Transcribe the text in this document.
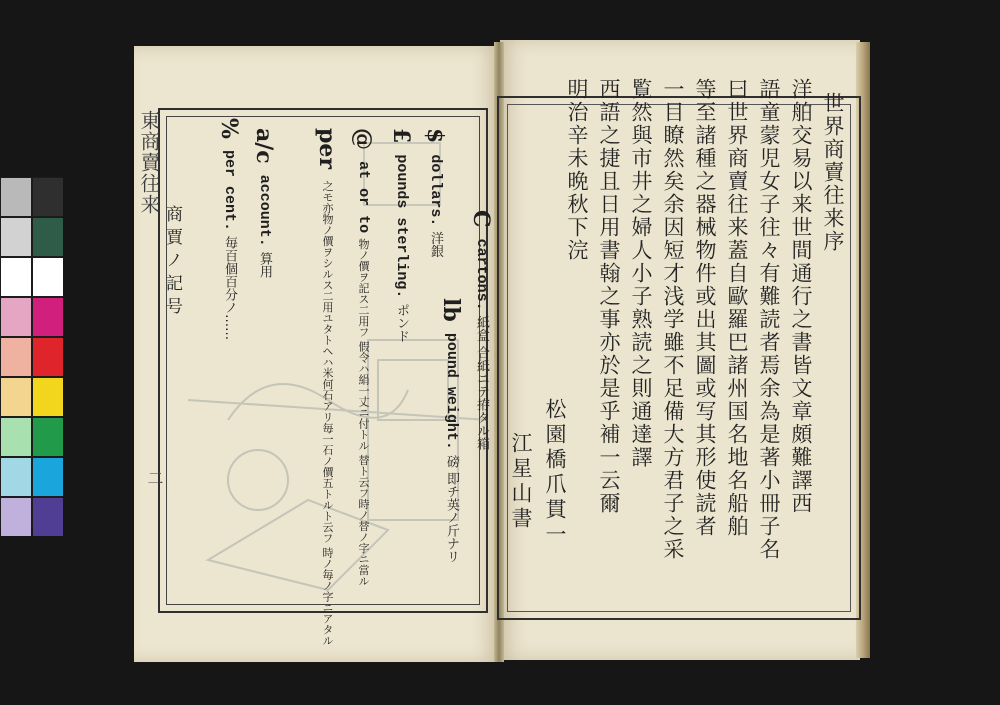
東商賣往来
二
$ dollars. 洋銀
£ pounds sterling. ポンド
@ at or to 物ノ價ヲ記ス二用フ 假令ハ絹一丈ニ付トル 替ト云フ時ノ替ノ字ニ當ル
per 之モ亦物ノ價ヲシルス二用ユタトヘハ米何石アリ毎一石ノ價五トルト云フ 時ノ毎ノ字ニアタル
a/c account. 算用
% per cent. 毎百個百分ノ……
商賈ノ記号	C cartons. 紙盒 合紙ニテ拵タル箱
lb pound weight. 磅 即チ英ノ斤ナリ

世界商賣往来序

洋舶交易以来世間通行之書皆文章頗難譯西

語童蒙児女子往々有難読者焉余為是著小冊子名

曰世界商賣往来蓋自歐羅巴諸州国名地名船舶

等至諸種之器械物件或出其圖或写其形使読者

一目瞭然矣余因短才浅学雖不足備大方君子之采

覧然與市井之婦人小子熟読之則通達譯

西語之捷且日用書翰之事亦於是乎補一云爾

明治辛未晩秋下浣

松園橋爪貫一
江星山書
